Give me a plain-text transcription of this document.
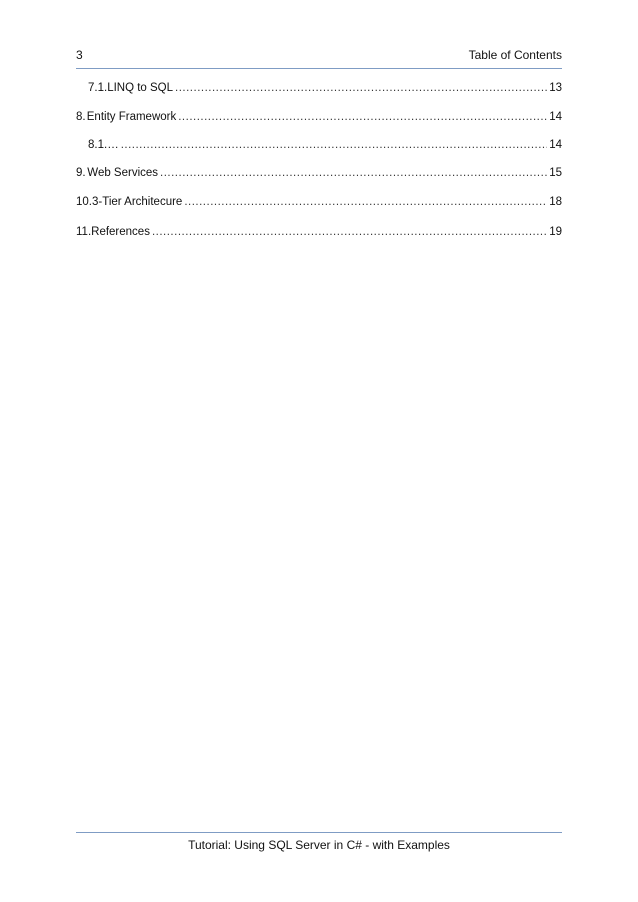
3	Table of Contents
7.1. LINQ to SQL .....	13
8. Entity Framework .....	14
8.1. … .....	14
9. Web Services .....	15
10. 3-Tier Architecure .....	18
11. References .....	19
Tutorial: Using SQL Server in C# - with Examples
